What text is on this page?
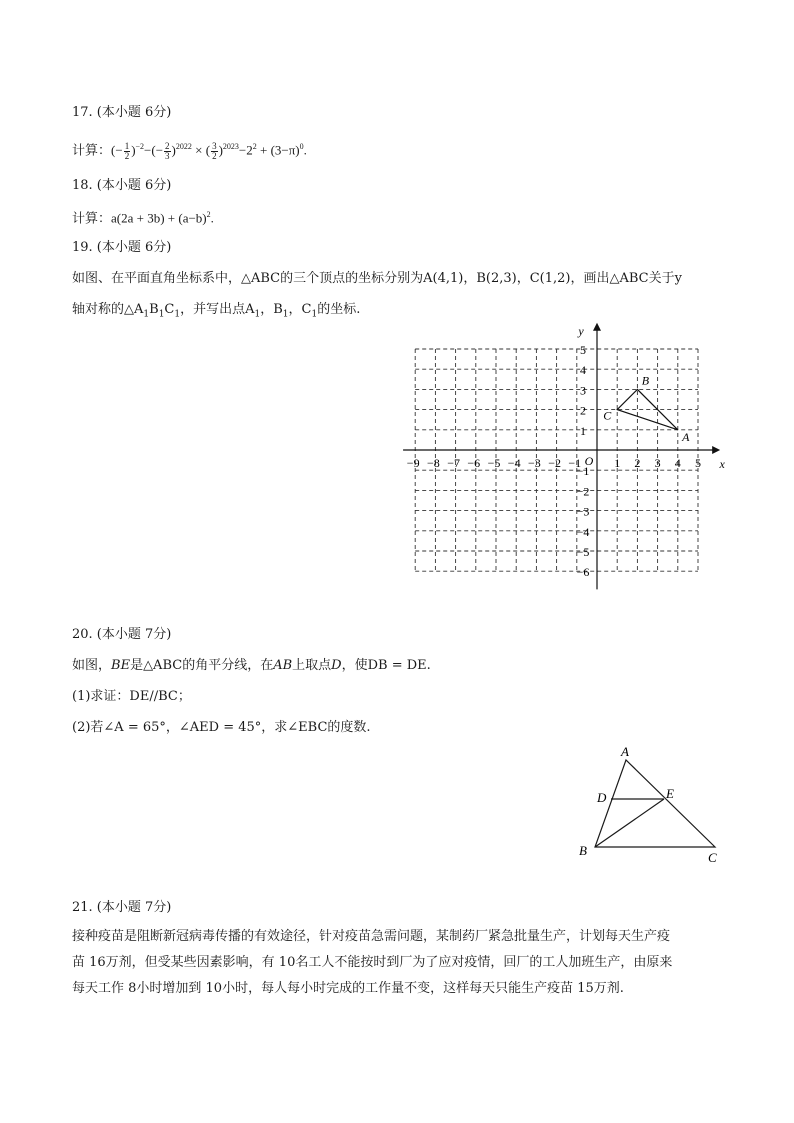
17. (本小题 6分)
计算：(− $\frac{1}{2} )^{-2}-(- \frac{2}{3} )^{2022}$ × ( $\frac{3}{2} )^{2023}-2^2 + (3-\pi)^0$.
18. (本小题 6分)
计算：$a(2a + 3b) + (a-b)^2$.
19. (本小题 6分)
如图、在平面直角坐标系中，△ABC的三个顶点的坐标分别为A(4,1)，B(2,3)，C(1,2)，画出△ABC关于y
轴对称的$\triangle A_1B_1C_1$，并写出点$A_1$，$B_1$，$C_1$的坐标.
−9 −8 −7 −6 −5 −4 −3 −2 −1	1 2 3 4 5
1
2
3
4
5
−1
−2
−3
−4
−5
−6
O	x
y
A
B
C
20. (本小题 7分)
如图，BE是△ABC的角平分线，在AB上取点D，使DB = DE.
(1)求证：DE//BC；
(2)若∠A = 65°，∠AED = 45°，求∠EBC的度数.
A
D	E
B	C
21. (本小题 7分)
接种疫苗是阻断新冠病毒传播的有效途径，针对疫苗急需问题，某制药厂紧急批量生产，计划每天生产疫
苗 16万剂，但受某些因素影响，有 10名工人不能按时到厂为了应对疫情，回厂的工人加班生产，由原来
每天工作 8小时增加到 10小时，每人每小时完成的工作量不变，这样每天只能生产疫苗 15万剂.
